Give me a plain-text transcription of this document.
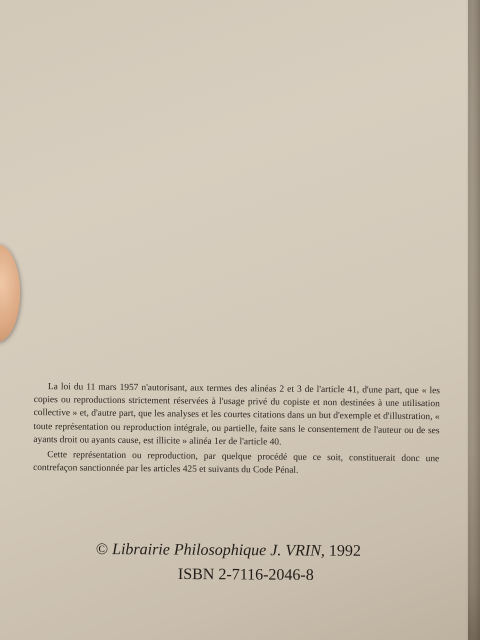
La loi du 11 mars 1957 n'autorisant, aux termes des alinéas 2 et 3 de l'article 41, d'une part, que « les copies ou reproductions strictement réservées à l'usage privé du copiste et non destinées à une utilisation collective » et, d'autre part, que les analyses et les courtes citations dans un but d'exemple et d'illustration, « toute représentation ou reproduction intégrale, ou partielle, faite sans le consentement de l'auteur ou de ses ayants droit ou ayants cause, est illicite » alinéa 1er de l'article 40.

Cette représentation ou reproduction, par quelque procédé que ce soit, constituerait donc une contrefaçon sanctionnée par les articles 425 et suivants du Code Pénal.

© Librairie Philosophique J. VRIN, 1992
ISBN 2-7116-2046-8
